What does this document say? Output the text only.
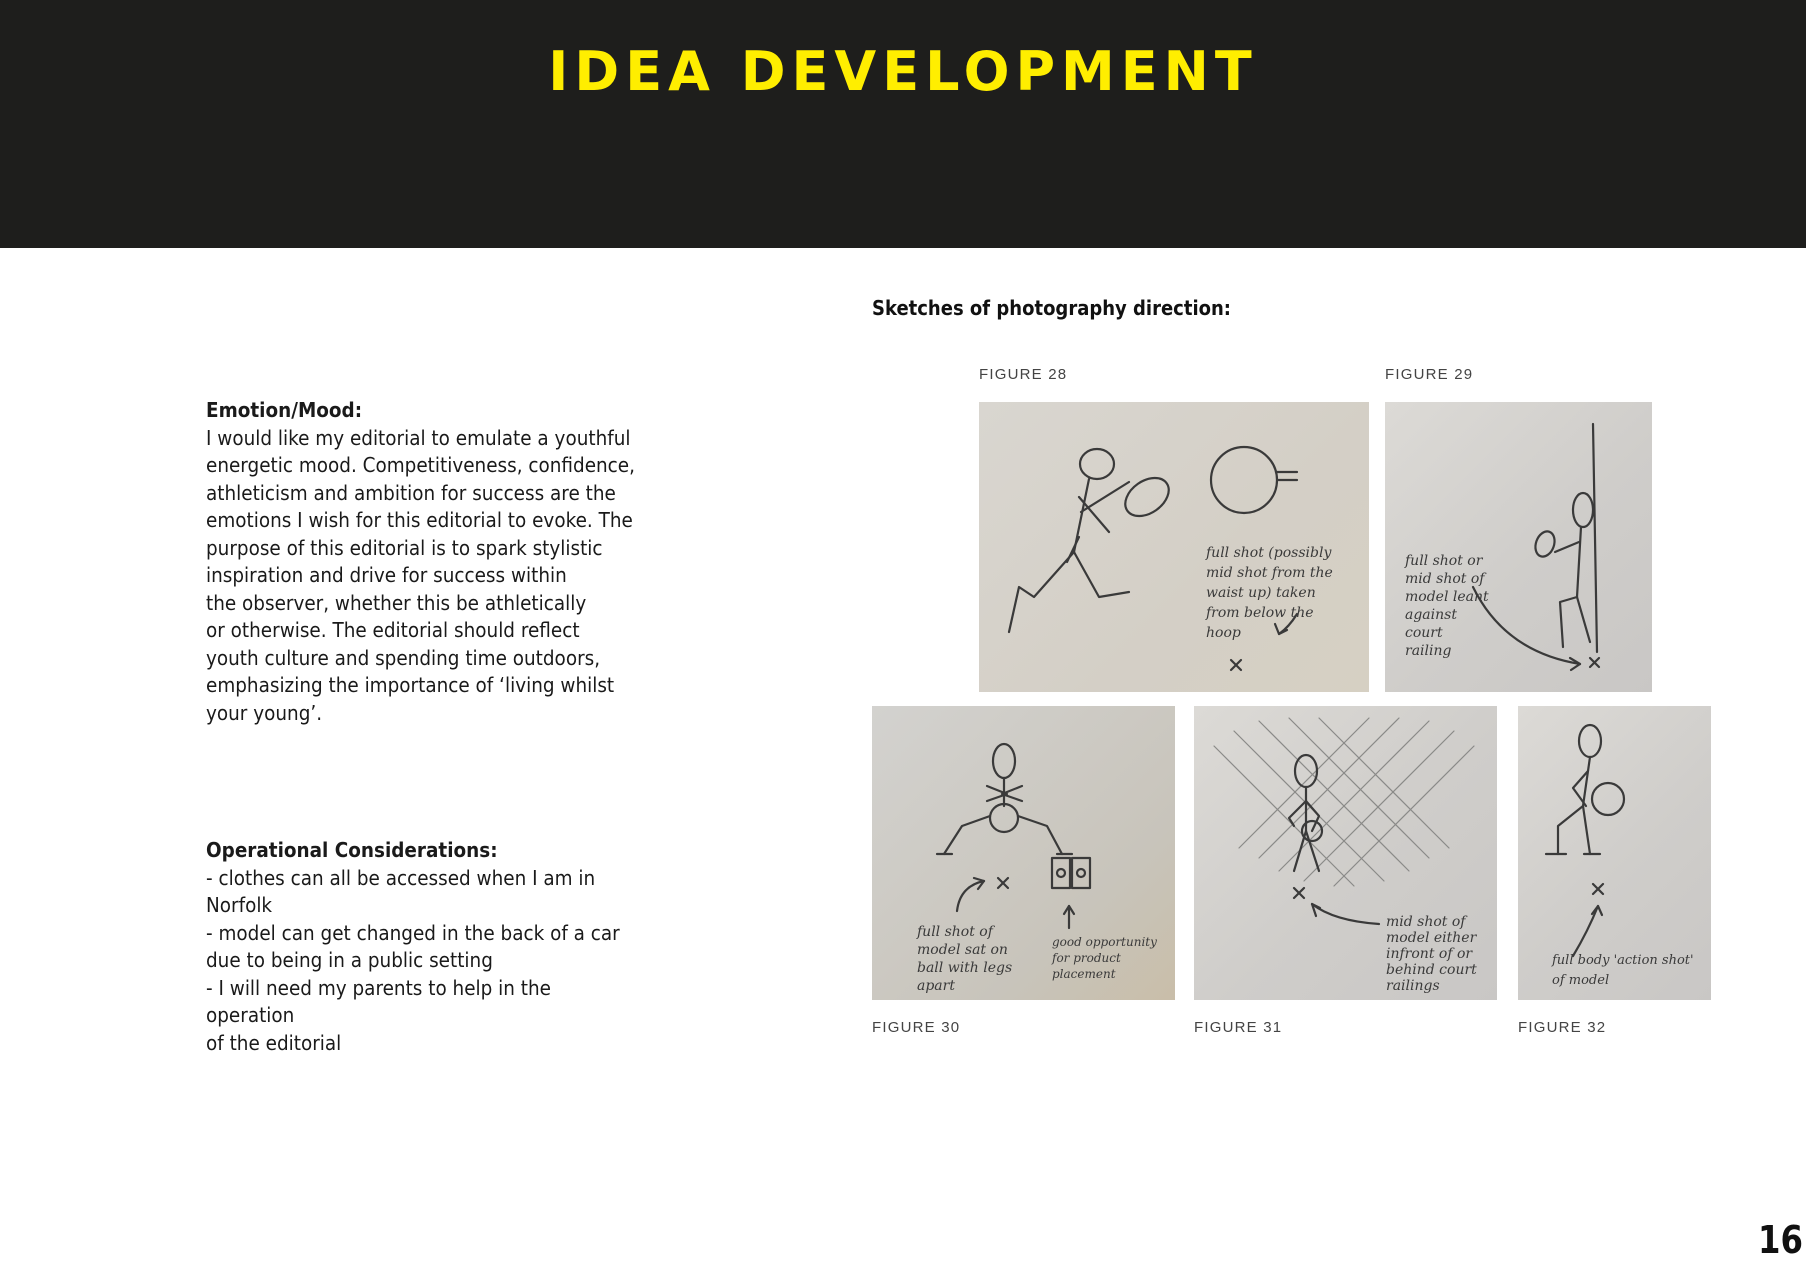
IDEA DEVELOPMENT
Sketches of photography direction:
Emotion/Mood:
I would like my editorial to emulate a youthful
energetic mood. Competitiveness, confidence,
athleticism and ambition for success are the
emotions I wish for this editorial to evoke. The
purpose of this editorial is to spark stylistic
inspiration and drive for success within
the observer, whether this be athletically
or otherwise. The editorial should reflect
youth culture and spending time outdoors,
emphasizing the importance of ‘living whilst
your young’.
Operational Considerations:
- clothes can all be accessed when I am in
Norfolk
- model can get changed in the back of a car
due to being in a public setting
- I will need my parents to help in the operation
of the editorial
FIGURE 28	FIGURE 29
FIGURE 30	FIGURE 31	FIGURE 32
full shot (possibly mid shot from the waist up) taken from below the hoop
full shot or mid shot of model leant against court railing
full shot of model sat on ball with legs apart
good opportunity for product placement
mid shot of model either infront of or behind court railings
full body 'action shot' of model
16
